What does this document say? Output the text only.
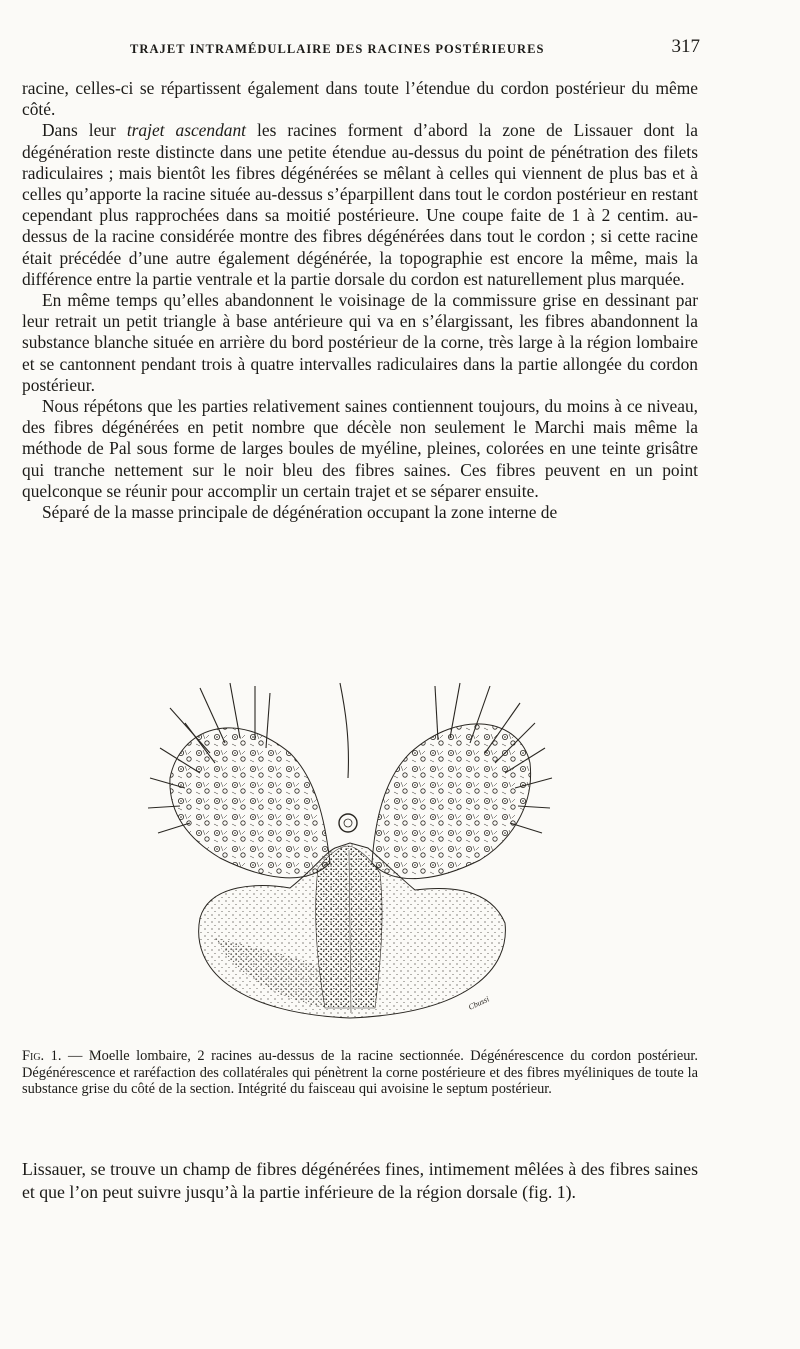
TRAJET INTRAMÉDULLAIRE DES RACINES POSTÉRIEURES	317

racine, celles-ci se répartissent également dans toute l’étendue du cordon postérieur du même côté.

Dans leur trajet ascendant les racines forment d’abord la zone de Lissauer dont la dégénération reste distincte dans une petite étendue au-dessus du point de pénétration des filets radiculaires ; mais bientôt les fibres dégénérées se mêlant à celles qui viennent de plus bas et à celles qu’apporte la racine située au-dessus s’éparpillent dans tout le cordon postérieur en restant cependant plus rapprochées dans sa moitié postérieure. Une coupe faite de 1 à 2 centim. au-dessus de la racine considérée montre des fibres dégénérées dans tout le cordon ; si cette racine était précédée d’une autre également dégénérée, la topographie est encore la même, mais la différence entre la partie ventrale et la partie dorsale du cordon est naturellement plus marquée.

En même temps qu’elles abandonnent le voisinage de la commissure grise en dessinant par leur retrait un petit triangle à base antérieure qui va en s’élargissant, les fibres abandonnent la substance blanche située en arrière du bord postérieur de la corne, très large à la région lombaire et se cantonnent pendant trois à quatre intervalles radiculaires dans la partie allongée du cordon postérieur.

Nous répétons que les parties relativement saines contiennent toujours, du moins à ce niveau, des fibres dégénérées en petit nombre que décèle non seulement le Marchi mais même la méthode de Pal sous forme de larges boules de myéline, pleines, colorées en une teinte grisâtre qui tranche nettement sur le noir bleu des fibres saines. Ces fibres peuvent en un point quelconque se réunir pour accomplir un certain trajet et se séparer ensuite.

Séparé de la masse principale de dégénération occupant la zone interne de

Cbussi
Fig. 1. — Moelle lombaire, 2 racines au-dessus de la racine sectionnée. Dégénérescence du cordon postérieur. Dégénérescence et raréfaction des collatérales qui pénètrent la corne postérieure et des fibres myéliniques de toute la substance grise du côté de la section. Intégrité du faisceau qui avoisine le septum postérieur.

Lissauer, se trouve un champ de fibres dégénérées fines, intimement mêlées à des fibres saines et que l’on peut suivre jusqu’à la partie inférieure de la région dorsale (fig. 1).
